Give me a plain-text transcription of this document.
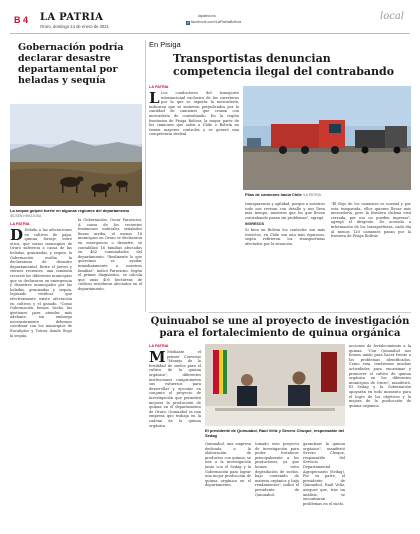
B 4 LA PATRIA
Oruro, domingo 14 de enero de 2021
lapatria.bo
f facebook.com/LaPatriaBolivia	local
Gobernación podría declarar desastre departamental por heladas y sequía
La sequía golpeó fuerte en algunas regiones del departamento /ELSEN HINOJOSA
LA PATRIA
D Debido a las afectaciones en cultivos de papa, quinua, forraje, entre otros; que varios municipios de Oruro sufrieron a causa de las heladas, granizadas, y sequía, la Gobernación evalúa la declaratoria de desastre departamental. Entre el jueves y viernes recientes, una comisión recorrió los diferentes municipios que se declararon en emergencia y desastres municipales por las heladas, granizadas y sequía, logrando verificar que efectivamente existe afectación en cultivos y el ganado. "Como Gobernación hemos hecho las gestiones para atender más adelante, sin embargo necesariamente debemos coordinar con los municipios de Eucaliptos y Totora donde llegó la sequía.
la Gobernación, Oscar Paravicini. A causa de los recientes fenómenos naturales señalados líneas arriba, al menos 16 municipios en Oruro se declararon en emergencia o desastre, se contabilizó 16 familias afectadas en 462 comunidades del departamento. "Realmente lo que queremos es ayudar inmediatamente a nuestras familias", indicó Paravicini. Según el primer diagnóstico, se calcula que unas 400 hectáreas de cultivos resultaron afectados en el departamento.
En Pisiga
Transportistas denuncian competencia ilegal del contrabando
LA PATRIA
L Los conductores del transporte internacional exclusivo de las carreteras por la que se exporta la mercadería, indicaron que se sintieron perjudicados por la cantidad de camiones que cruzan con mercadería de contrabando. En la región fronteriza de Pisiga Bolívar, la mayor parte de los camiones que salen a Chile o Bolivia no tienen mayores controles y se generó una competencia desleal.
Filas de camiones hacia Chile /LA PATRIA
transparencia y agilidad, porque a nosotros todo nos revisan con detalle y nos lleva más tiempo, mientras que los que llevan contrabando pasan sin problemas", agregó.
INGRESOS
Si bien en Bolivia los controles son más estrictos, en Chile son aún más rigurosos, según refirieron los transportistas afectados por la situación.
"El flujo de los camiones es normal y por esta temporada, ellos quieren llevar más mercadería, pero la frontera chilena está cerrada, por eso no pueden ingresar", agregó el dirigente. De acuerdo a información de los transportistas, cada día al menos 120 camiones pasan por la frontera de Pisiga Bolívar.
Quinuabol se une al proyecto de investigación
para el fortalecimiento de quinua orgánica
LA PATRIA
M Mediante el primer Convenio "Manejo de la fertilidad de suelos para el cultivo de la quinua orgánica", diferentes instituciones comprometen sus esfuerzos para desarrollar y ejecutar en conjunto el proyecto de investigación que permitirá mejorar la producción de quinua en el departamento de Oruro. Quinuabol es una empresa que trabaja en la cadena de la quinua orgánica.
El presidente de Quinuabol, Raúl Veliz y Severo Choque, responsable del Sedag
Quinuabol, una empresa dedicada a la elaboración de productos con quinua, se une a la investigación junto con el Sedag y la Gobernación para lograr una mejor producción de quinua orgánica en el departamento.
tomado este proyecto de investigación para poder fortalecer principalmente a los productores, ya que hemos visto degradación de suelos, bajo contenido de materia orgánica y baja rendimientos", indicó el presidente de Quinuabol.
garantizar la quinua orgánica", manifestó Severo Choque, responsable del Servicio Departamental Agropecuario (Sedag). Por su parte, el presidente de Quinuabol, Raúl Veliz, aseguró que, tras un análisis, se encontraron problemas en el suelo.
acciones de fortalecimiento a la quinua. "Con Quinuabol nos hemos unido para hacer frente a los problemas identificados. Como esta, tendremos muchas actividades para encaminar y promover el cultivo de quinua orgánica en los diferentes municipios de Oruro", manifestó. El Sedag y la Gobernación apoyarán en todo momento para el logro de los objetivos y la mejora de la producción de quinua orgánica.
